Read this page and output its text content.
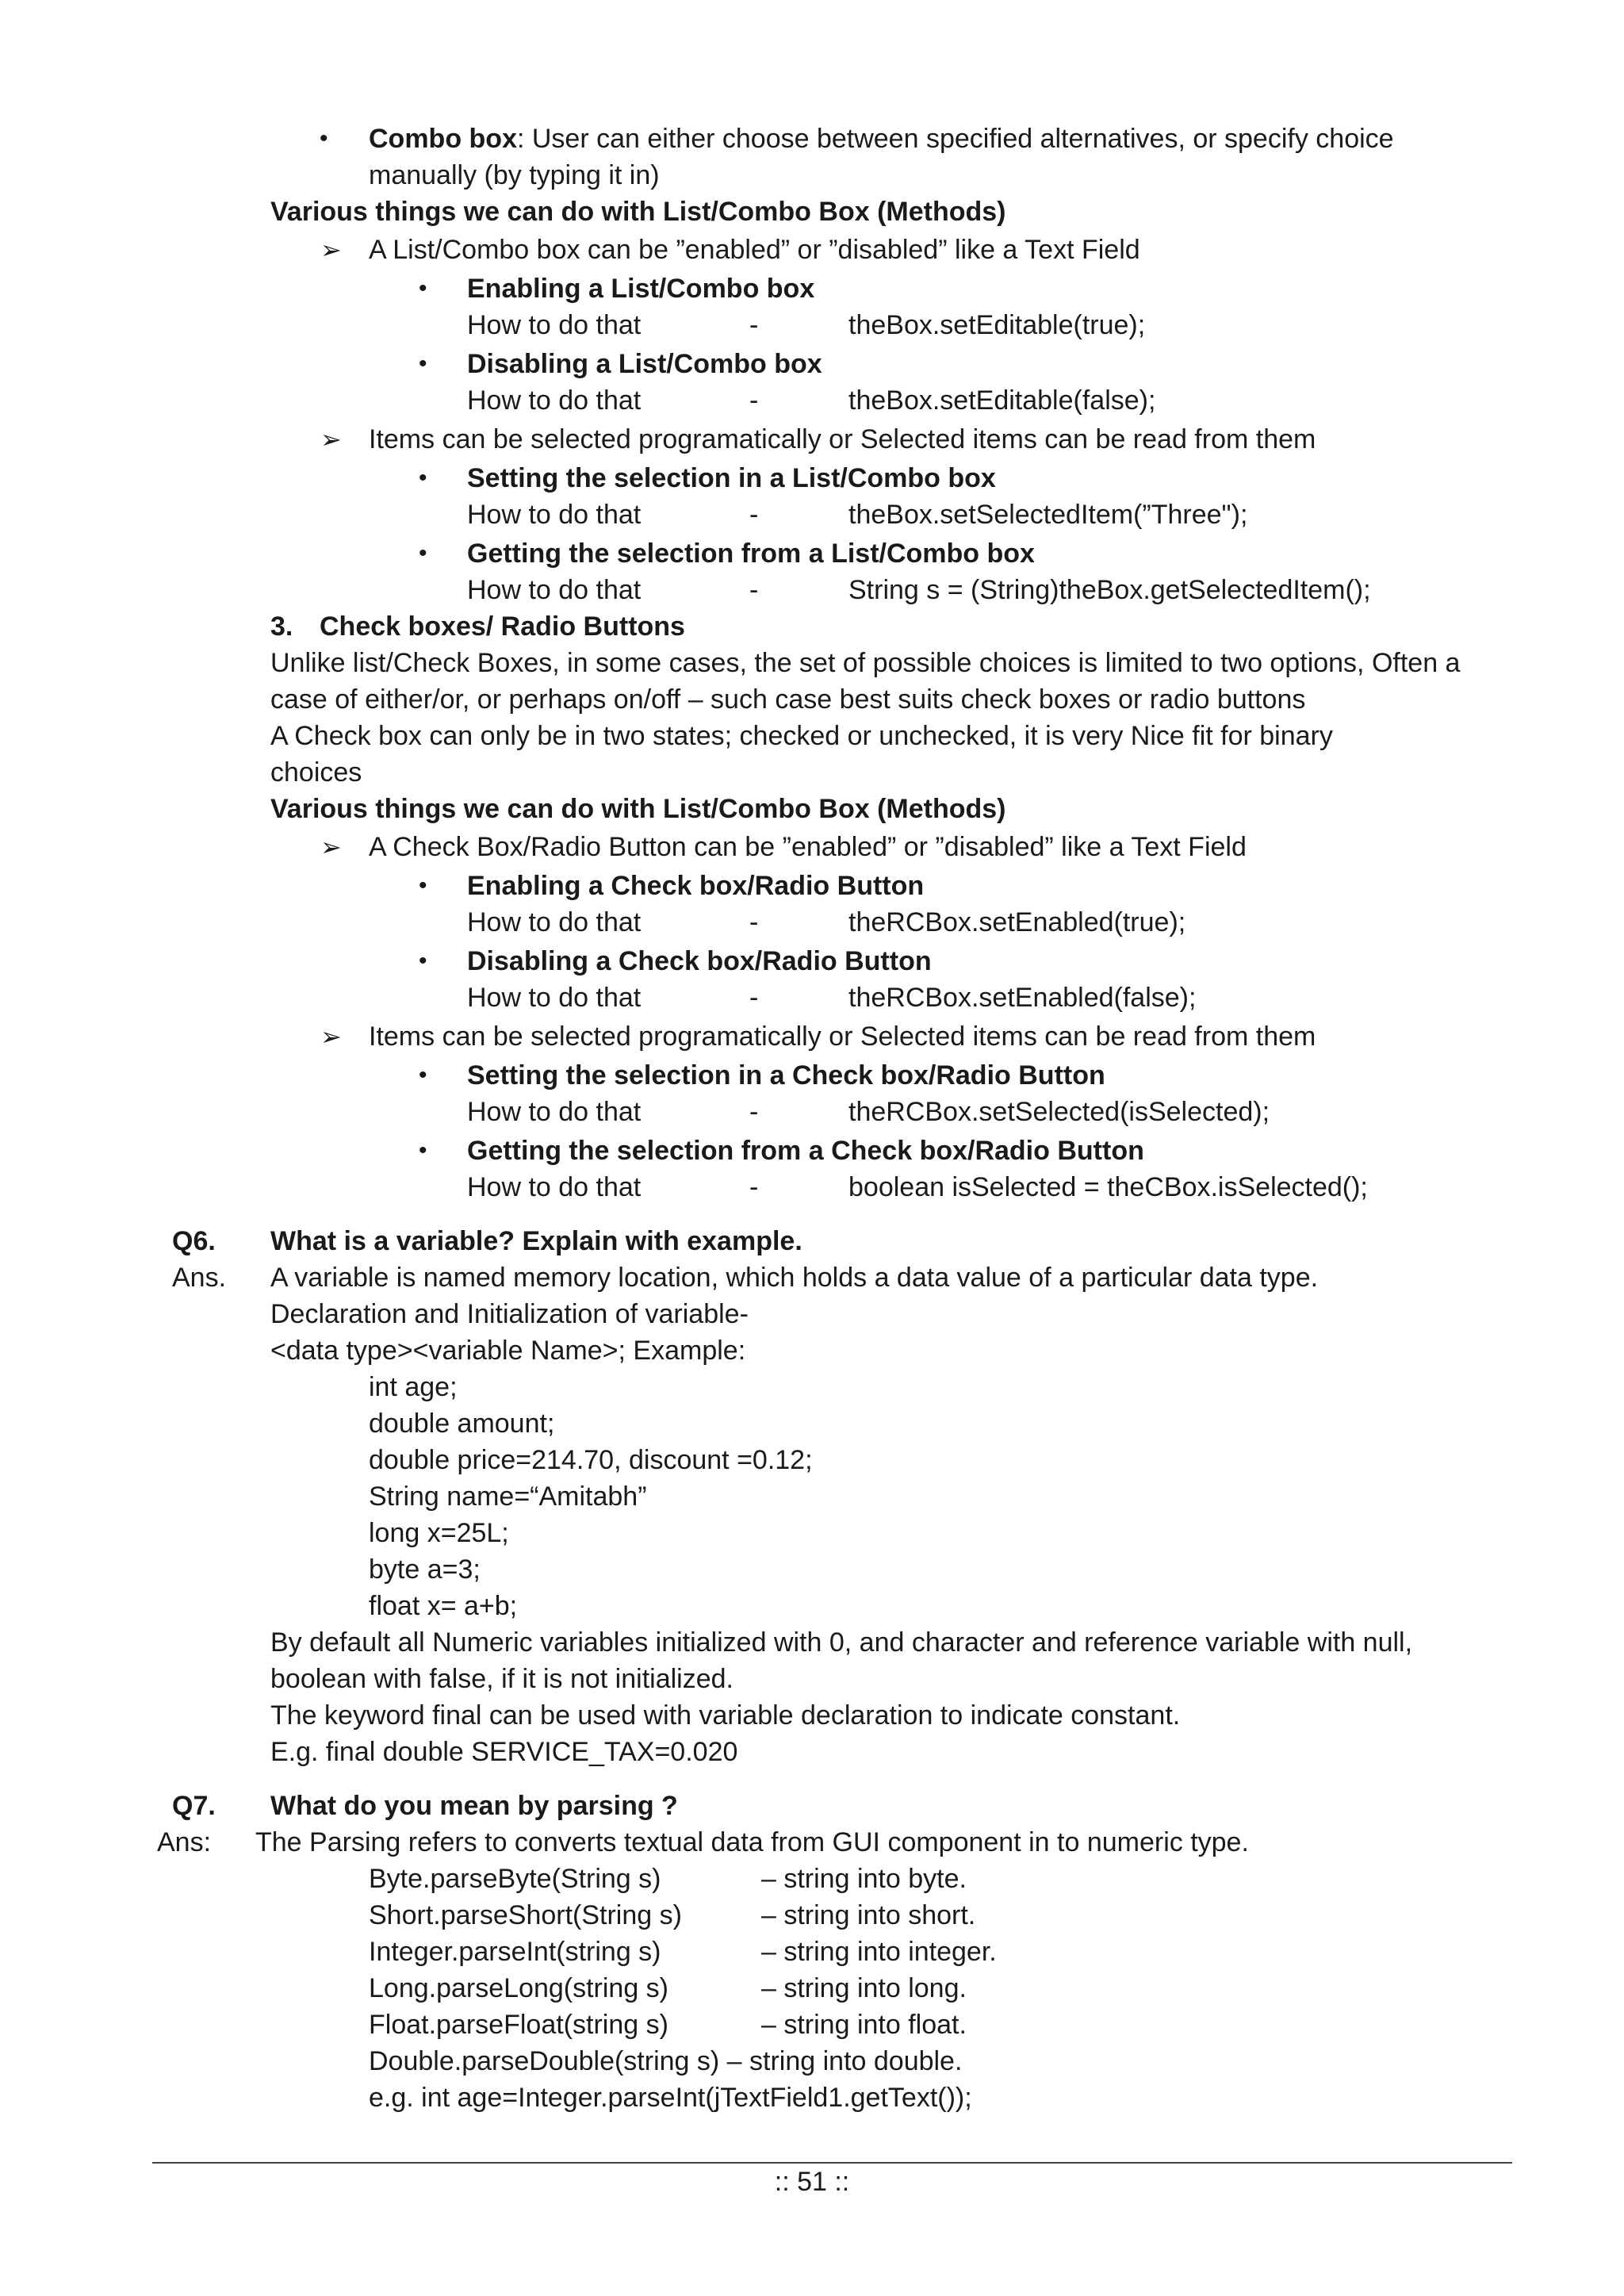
• Combo box: User can either choose between specified alternatives, or specify choice
manually (by typing it in)
Various things we can do with List/Combo Box (Methods)
➢ A List/Combo box can be ”enabled” or ”disabled” like a Text Field
• Enabling a List/Combo box
How to do that	-	theBox.setEditable(true);
• Disabling a List/Combo box
How to do that	-	theBox.setEditable(false);
➢ Items can be selected programatically or Selected items can be read from them
• Setting the selection in a List/Combo box
How to do that	-	theBox.setSelectedItem(”Three");
• Getting the selection from a List/Combo box
How to do that	-	String s = (String)theBox.getSelectedItem();
3. Check boxes/ Radio Buttons
Unlike list/Check Boxes, in some cases, the set of possible choices is limited to two options, Often a
case of either/or, or perhaps on/off – such case best suits check boxes or radio buttons
A Check box can only be in two states; checked or unchecked, it is very Nice fit for binary
choices
Various things we can do with List/Combo Box (Methods)
➢ A Check Box/Radio Button can be ”enabled” or ”disabled” like a Text Field
• Enabling a Check box/Radio Button
How to do that	-	theRCBox.setEnabled(true);
• Disabling a Check box/Radio Button
How to do that	-	theRCBox.setEnabled(false);
➢ Items can be selected programatically or Selected items can be read from them
• Setting the selection in a Check box/Radio Button
How to do that	-	theRCBox.setSelected(isSelected);
• Getting the selection from a Check box/Radio Button
How to do that	-	boolean isSelected = theCBox.isSelected();
Q6. What is a variable? Explain with example.
Ans. A variable is named memory location, which holds a data value of a particular data type.
Declaration and Initialization of variable-
<data type><variable Name>; Example:
int age;
double amount;
double price=214.70, discount =0.12;
String name=“Amitabh”
long x=25L;
byte a=3;
float x= a+b;
By default all Numeric variables initialized with 0, and character and reference variable with null,
boolean with false, if it is not initialized.
The keyword final can be used with variable declaration to indicate constant.
E.g. final double SERVICE_TAX=0.020
Q7. What do you mean by parsing ?
Ans: The Parsing refers to converts textual data from GUI component in to numeric type.
Byte.parseByte(String s)	– string into byte.
Short.parseShort(String s)	– string into short.
Integer.parseInt(string s)	– string into integer.
Long.parseLong(string s)	– string into long.
Float.parseFloat(string s)	– string into float.
Double.parseDouble(string s) – string into double.
e.g. int age=Integer.parseInt(jTextField1.getText());
:: 51 ::
